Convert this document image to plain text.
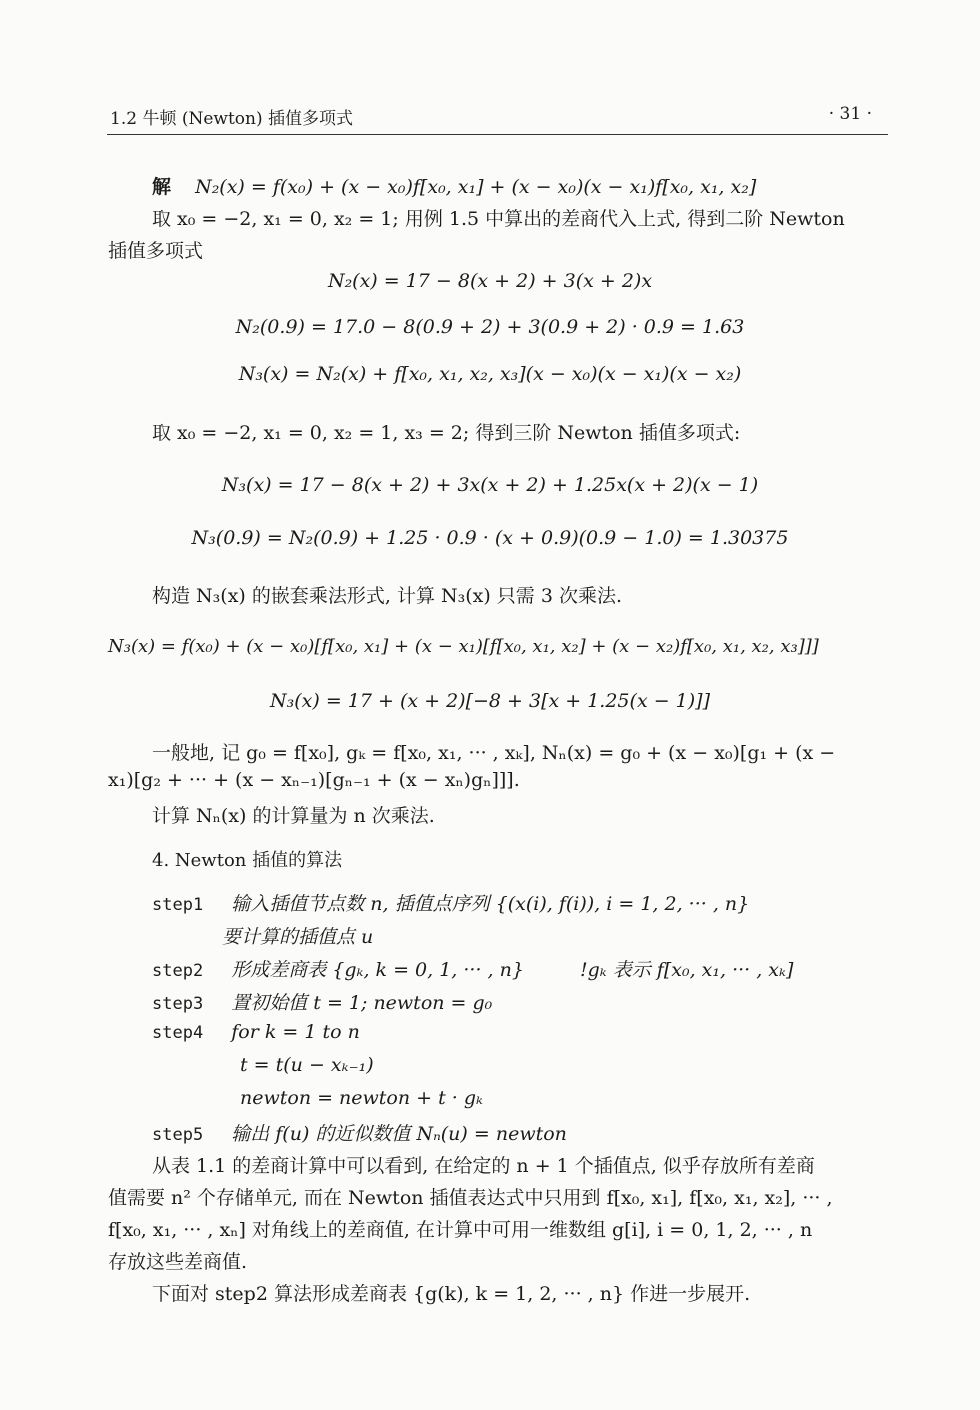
1.2 牛顿 (Newton) 插值多项式	· 31 ·
解 N₂(x) = f(x₀) + (x − x₀)f[x₀, x₁] + (x − x₀)(x − x₁)f[x₀, x₁, x₂]
取 x₀ = −2, x₁ = 0, x₂ = 1; 用例 1.5 中算出的差商代入上式, 得到二阶 Newton
插值多项式
N₂(x) = 17 − 8(x + 2) + 3(x + 2)x
N₂(0.9) = 17.0 − 8(0.9 + 2) + 3(0.9 + 2) · 0.9 = 1.63
N₃(x) = N₂(x) + f[x₀, x₁, x₂, x₃](x − x₀)(x − x₁)(x − x₂)
取 x₀ = −2, x₁ = 0, x₂ = 1, x₃ = 2; 得到三阶 Newton 插值多项式:
N₃(x) = 17 − 8(x + 2) + 3x(x + 2) + 1.25x(x + 2)(x − 1)
N₃(0.9) = N₂(0.9) + 1.25 · 0.9 · (x + 0.9)(0.9 − 1.0) = 1.30375
构造 N₃(x) 的嵌套乘法形式, 计算 N₃(x) 只需 3 次乘法.
N₃(x) = f(x₀) + (x − x₀)[f[x₀, x₁] + (x − x₁)[f[x₀, x₁, x₂] + (x − x₂)f[x₀, x₁, x₂, x₃]]]
N₃(x) = 17 + (x + 2)[−8 + 3[x + 1.25(x − 1)]]
一般地, 记 g₀ = f[x₀], gₖ = f[x₀, x₁, ··· , xₖ], Nₙ(x) = g₀ + (x − x₀)[g₁ + (x −
x₁)[g₂ + ··· + (x − xₙ₋₁)[gₙ₋₁ + (x − xₙ)gₙ]]].
计算 Nₙ(x) 的计算量为 n 次乘法.
4. Newton 插值的算法
step1 输入插值节点数 n, 插值点序列 {(x(i), f(i)), i = 1, 2, ··· , n}
要计算的插值点 u
step2 形成差商表 {gₖ, k = 0, 1, ··· , n}	!gₖ 表示 f[x₀, x₁, ··· , xₖ]
step3 置初始值 t = 1; newton = g₀
step4 for k = 1 to n
t = t(u − xₖ₋₁)
newton = newton + t · gₖ
step5 输出 f(u) 的近似数值 Nₙ(u) = newton
从表 1.1 的差商计算中可以看到, 在给定的 n + 1 个插值点, 似乎存放所有差商
值需要 n² 个存储单元, 而在 Newton 插值表达式中只用到 f[x₀, x₁], f[x₀, x₁, x₂], ··· ,
f[x₀, x₁, ··· , xₙ] 对角线上的差商值, 在计算中可用一维数组 g[i], i = 0, 1, 2, ··· , n
存放这些差商值.
下面对 step2 算法形成差商表 {g(k), k = 1, 2, ··· , n} 作进一步展开.
